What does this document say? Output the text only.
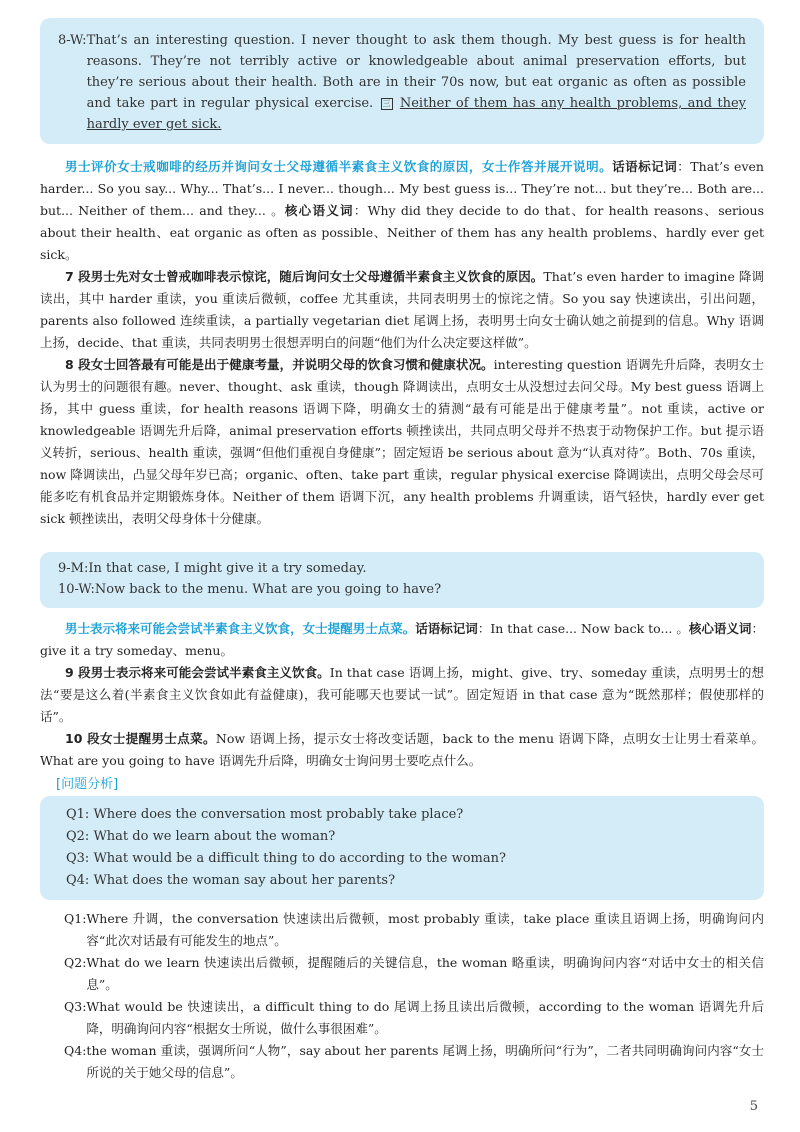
8-W: That’s an interesting question. I never thought to ask them though. My best guess is for health reasons. They’re not terribly active or knowledgeable about animal preservation efforts, but they’re serious about their health. Both are in their 70s now, but eat organic as often as possible and take part in regular physical exercise. 三 Neither of them has any health problems, and they hardly ever get sick.

男士评价女士戒咖啡的经历并询问女士父母遵循半素食主义饮食的原因，女士作答并展开说明。话语标记词：That’s even harder... So you say... Why... That’s... I never... though... My best guess is... They’re not... but they’re... Both are... but... Neither of them... and they... 。核心语义词：Why did they decide to do that、for health reasons、serious about their health、eat organic as often as possible、Neither of them has any health problems、hardly ever get sick。

7 段男士先对女士曾戒咖啡表示惊诧，随后询问女士父母遵循半素食主义饮食的原因。That’s even harder to imagine 降调读出，其中 harder 重读，you 重读后微顿，coffee 尤其重读，共同表明男士的惊诧之情。So you say 快速读出，引出问题，parents also followed 连续重读，a partially vegetarian diet 尾调上扬，表明男士向女士确认她之前提到的信息。Why 语调上扬，decide、that 重读，共同表明男士很想弄明白的问题“他们为什么决定要这样做”。

8 段女士回答最有可能是出于健康考量，并说明父母的饮食习惯和健康状况。interesting question 语调先升后降，表明女士认为男士的问题很有趣。never、thought、ask 重读，though 降调读出，点明女士从没想过去问父母。My best guess 语调上扬，其中 guess 重读，for health reasons 语调下降，明确女士的猜测“最有可能是出于健康考量”。not 重读，active or knowledgeable 语调先升后降，animal preservation efforts 顿挫读出，共同点明父母并不热衷于动物保护工作。but 提示语义转折，serious、health 重读，强调“但他们重视自身健康”；固定短语 be serious about 意为“认真对待”。Both、70s 重读，now 降调读出，凸显父母年岁已高；organic、often、take part 重读，regular physical exercise 降调读出，点明父母会尽可能多吃有机食品并定期锻炼身体。Neither of them 语调下沉，any health problems 升调重读，语气轻快，hardly ever get sick 顿挫读出，表明父母身体十分健康。

9-M: In that case, I might give it a try someday.
10-W: Now back to the menu. What are you going to have?

男士表示将来可能会尝试半素食主义饮食，女士提醒男士点菜。话语标记词：In that case... Now back to... 。核心语义词：give it a try someday、menu。

9 段男士表示将来可能会尝试半素食主义饮食。In that case 语调上扬，might、give、try、someday 重读，点明男士的想法“要是这么着(半素食主义饮食如此有益健康)，我可能哪天也要试一试”。固定短语 in that case 意为“既然那样；假使那样的话”。

10 段女士提醒男士点菜。Now 语调上扬，提示女士将改变话题，back to the menu 语调下降，点明女士让男士看菜单。What are you going to have 语调先升后降，明确女士询问男士要吃点什么。

[问题分析]

Q1: Where does the conversation most probably take place?

Q2: What do we learn about the woman?

Q3: What would be a difficult thing to do according to the woman?

Q4: What does the woman say about her parents?

Q1: Where 升调，the conversation 快速读出后微顿，most probably 重读，take place 重读且语调上扬，明确询问内容“此次对话最有可能发生的地点”。
Q2: What do we learn 快速读出后微顿，提醒随后的关键信息，the woman 略重读，明确询问内容“对话中女士的相关信息”。
Q3: What would be 快速读出，a difficult thing to do 尾调上扬且读出后微顿，according to the woman 语调先升后降，明确询问内容“根据女士所说，做什么事很困难”。
Q4: the woman 重读，强调所问“人物”，say about her parents 尾调上扬，明确所问“行为”，二者共同明确询问内容“女士所说的关于她父母的信息”。
5
